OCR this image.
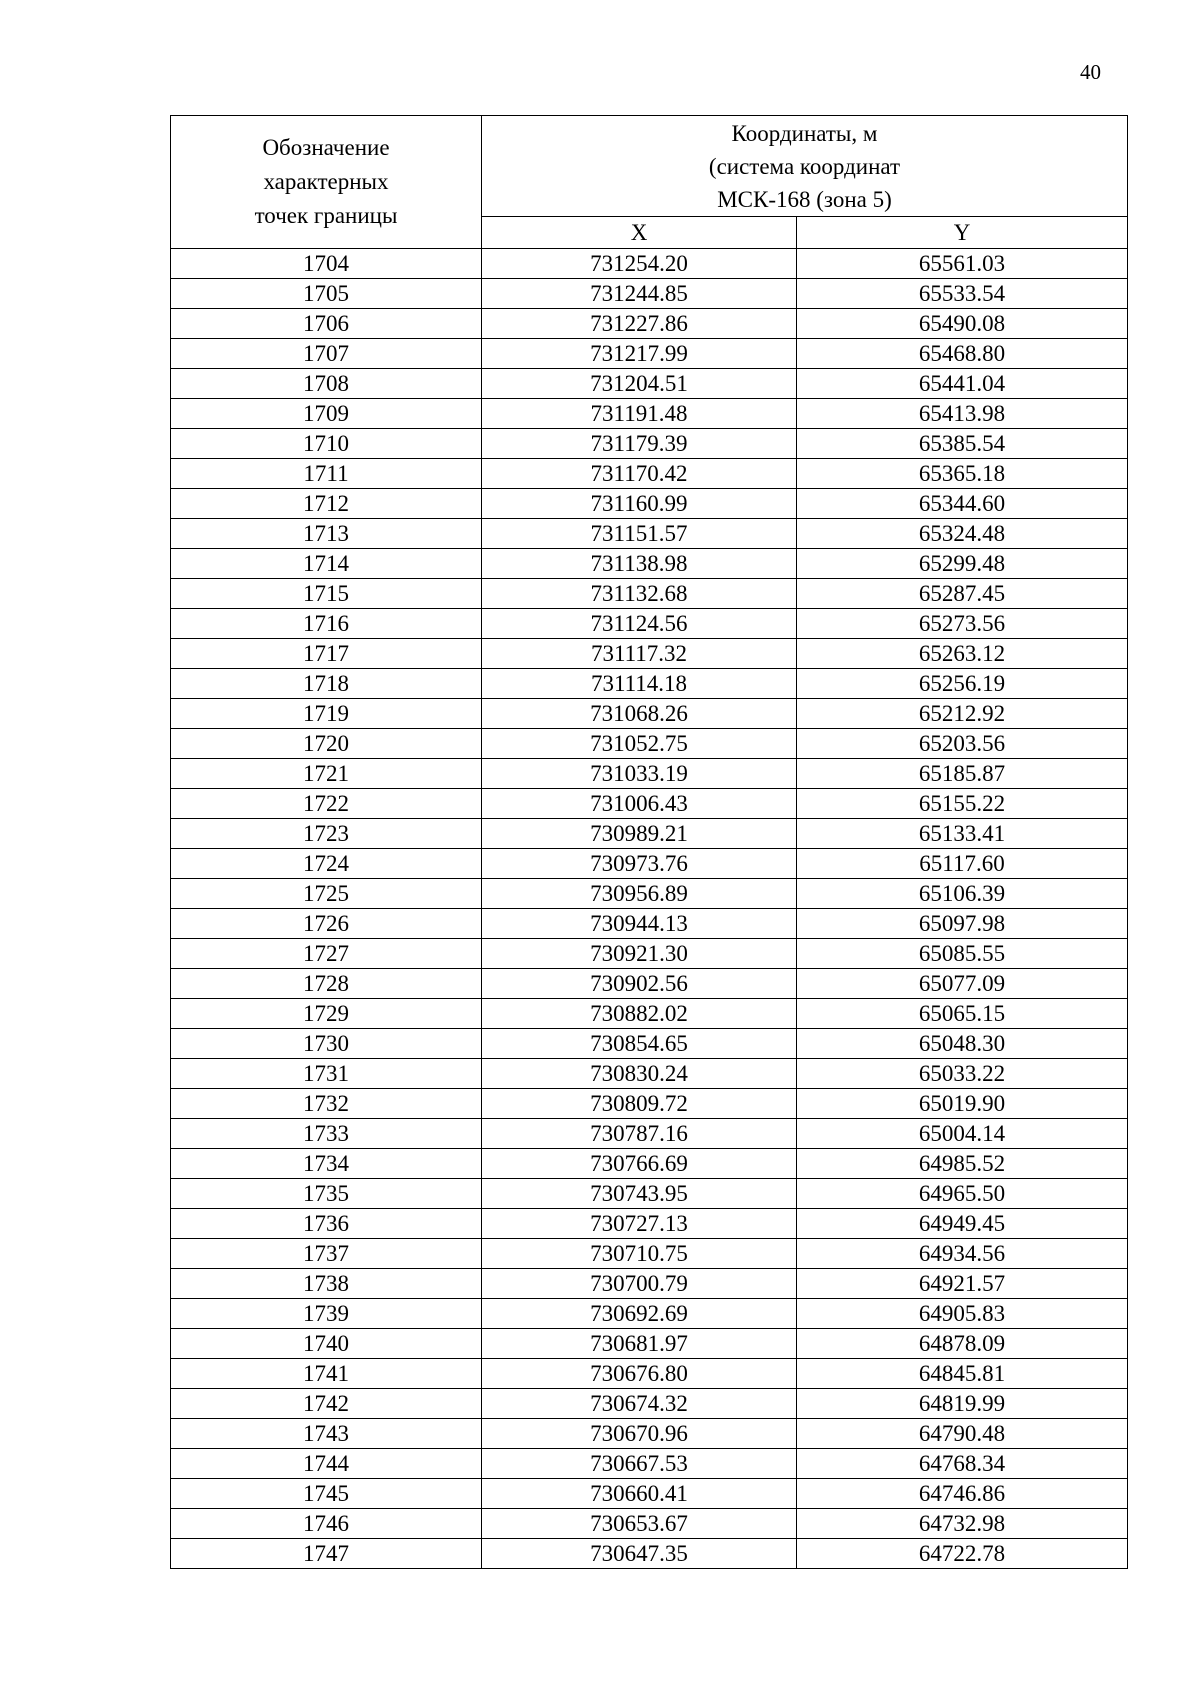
40
Обозначение
характерных
точек границы	Координаты, м
(система координат
МСК-168 (зона 5)	

	X	Y
1704	731254.20	65561.03
1705	731244.85	65533.54
1706	731227.86	65490.08
1707	731217.99	65468.80
1708	731204.51	65441.04
1709	731191.48	65413.98
1710	731179.39	65385.54
1711	731170.42	65365.18
1712	731160.99	65344.60
1713	731151.57	65324.48
1714	731138.98	65299.48
1715	731132.68	65287.45
1716	731124.56	65273.56
1717	731117.32	65263.12
1718	731114.18	65256.19
1719	731068.26	65212.92
1720	731052.75	65203.56
1721	731033.19	65185.87
1722	731006.43	65155.22
1723	730989.21	65133.41
1724	730973.76	65117.60
1725	730956.89	65106.39
1726	730944.13	65097.98
1727	730921.30	65085.55
1728	730902.56	65077.09
1729	730882.02	65065.15
1730	730854.65	65048.30
1731	730830.24	65033.22
1732	730809.72	65019.90
1733	730787.16	65004.14
1734	730766.69	64985.52
1735	730743.95	64965.50
1736	730727.13	64949.45
1737	730710.75	64934.56
1738	730700.79	64921.57
1739	730692.69	64905.83
1740	730681.97	64878.09
1741	730676.80	64845.81
1742	730674.32	64819.99
1743	730670.96	64790.48
1744	730667.53	64768.34
1745	730660.41	64746.86
1746	730653.67	64732.98
1747	730647.35	64722.78
